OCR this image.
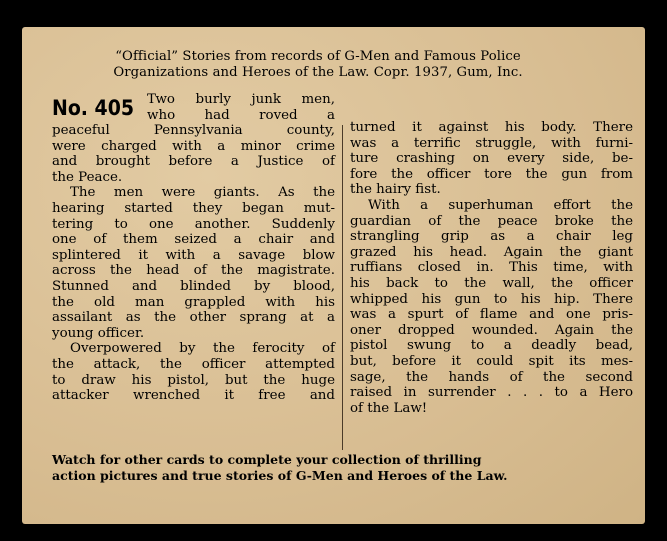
“Official” Stories from records of G-Men and Famous Police
Organizations and Heroes of the Law. Copr. 1937, Gum, Inc.
No. 405 Two burly junk men,
who had roved a
peaceful Pennsylvania county,
were charged with a minor crime
and brought before a Justice of
the Peace.
The men were giants. As the
hearing started they began mut-
tering to one another. Suddenly
one of them seized a chair and
splintered it with a savage blow
across the head of the magistrate.
Stunned and blinded by blood,
the old man grappled with his
assailant as the other sprang at a
young officer.
Overpowered by the ferocity of
the attack, the officer attempted
to draw his pistol, but the huge
attacker wrenched it free and
turned it against his body. There
was a terrific struggle, with furni-
ture crashing on every side, be-
fore the officer tore the gun from
the hairy fist.
With a superhuman effort the
guardian of the peace broke the
strangling grip as a chair leg
grazed his head. Again the giant
ruffians closed in. This time, with
his back to the wall, the officer
whipped his gun to his hip. There
was a spurt of flame and one pris-
oner dropped wounded. Again the
pistol swung to a deadly bead,
but, before it could spit its mes-
sage, the hands of the second
raised in surrender . . . to a Hero
of the Law!
Watch for other cards to complete your collection of thrilling
action pictures and true stories of G-Men and Heroes of the Law.
